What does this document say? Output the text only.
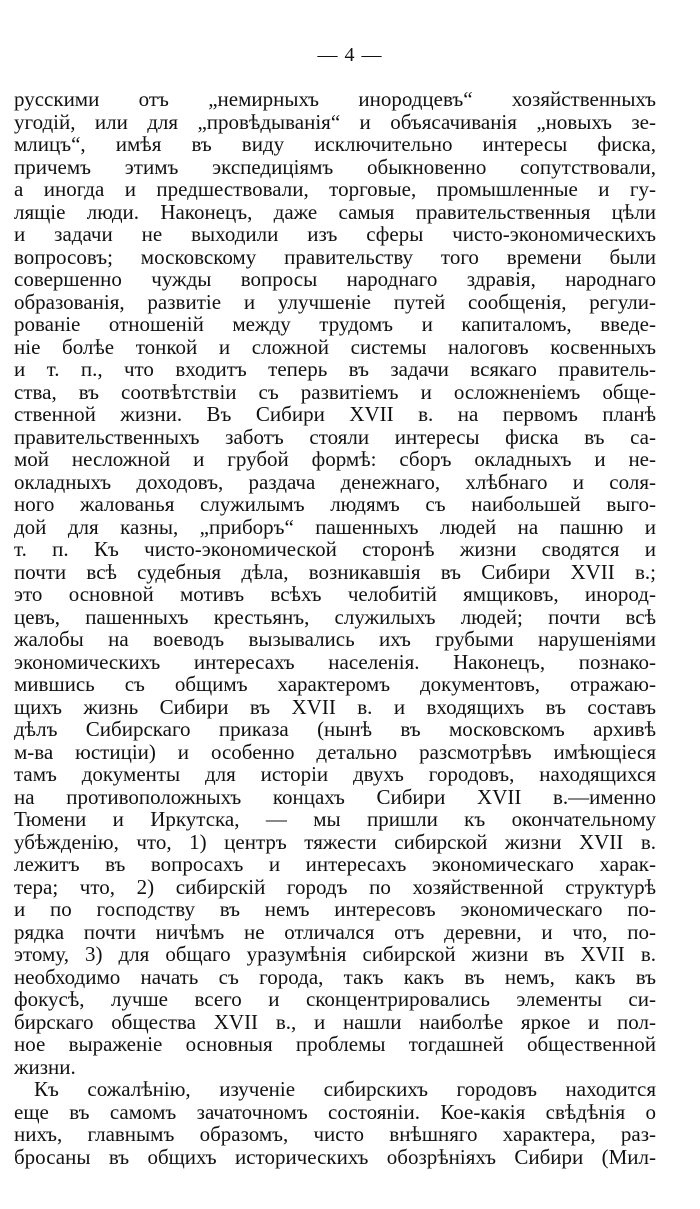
— 4 —
русскими отъ „немирныхъ инородцевъ“ хозяйственныхъ
угодій, или для „провѣдыванія“ и объясачиванія „новыхъ зе-
млицъ“, имѣя въ виду исключительно интересы фиска,
причемъ этимъ экспедиціямъ обыкновенно сопутствовали,
а иногда и предшествовали, торговые, промышленные и гу-
лящіе люди. Наконецъ, даже самыя правительственныя цѣли
и задачи не выходили изъ сферы чисто-экономическихъ
вопросовъ; московскому правительству того времени были
совершенно чужды вопросы народнаго здравія, народнаго
образованія, развитіе и улучшеніе путей сообщенія, регули-
рованіе отношеній между трудомъ и капиталомъ, введе-
ніе болѣе тонкой и сложной системы налоговъ косвенныхъ
и т. п., что входитъ теперь въ задачи всякаго правитель-
ства, въ соотвѣтствіи съ развитіемъ и осложненіемъ обще-
ственной жизни. Въ Сибири XVII в. на первомъ планѣ
правительственныхъ заботъ стояли интересы фиска въ са-
мой несложной и грубой формѣ: сборъ окладныхъ и не-
окладныхъ доходовъ, раздача денежнаго, хлѣбнаго и соля-
ного жалованья служилымъ людямъ съ наибольшей выго-
дой для казны, „приборъ“ пашенныхъ людей на пашню и
т. п. Къ чисто-экономической сторонѣ жизни сводятся и
почти всѣ судебныя дѣла, возникавшія въ Сибири XVII в.;
это основной мотивъ всѣхъ челобитій ямщиковъ, инород-
цевъ, пашенныхъ крестьянъ, служилыхъ людей; почти всѣ
жалобы на воеводъ вызывались ихъ грубыми нарушеніями
экономическихъ интересахъ населенія. Наконецъ, познако-
мившись съ общимъ характеромъ документовъ, отражаю-
щихъ жизнь Сибири въ XVII в. и входящихъ въ составъ
дѣлъ Сибирскаго приказа (нынѣ въ московскомъ архивѣ
м-ва юстиціи) и особенно детально разсмотрѣвъ имѣющіеся
тамъ документы для исторіи двухъ городовъ, находящихся
на противоположныхъ концахъ Сибири XVII в.—именно
Тюмени и Иркутска, — мы пришли къ окончательному
убѣжденію, что, 1) центръ тяжести сибирской жизни XVII в.
лежитъ въ вопросахъ и интересахъ экономическаго харак-
тера; что, 2) сибирскій городъ по хозяйственной структурѣ
и по господству въ немъ интересовъ экономическаго по-
рядка почти ничѣмъ не отличался отъ деревни, и что, по-
этому, 3) для общаго уразумѣнія сибирской жизни въ XVII в.
необходимо начать съ города, такъ какъ въ немъ, какъ въ
фокусѣ, лучше всего и сконцентрировались элементы си-
бирскаго общества XVII в., и нашли наиболѣе яркое и пол-
ное выраженіе основныя проблемы тогдашней общественной
жизни.
Къ сожалѣнію, изученіе сибирскихъ городовъ находится
еще въ самомъ зачаточномъ состояніи. Кое-какія свѣдѣнія о
нихъ, главнымъ образомъ, чисто внѣшняго характера, раз-
бросаны въ общихъ историческихъ обозрѣніяхъ Сибири (Мил-
